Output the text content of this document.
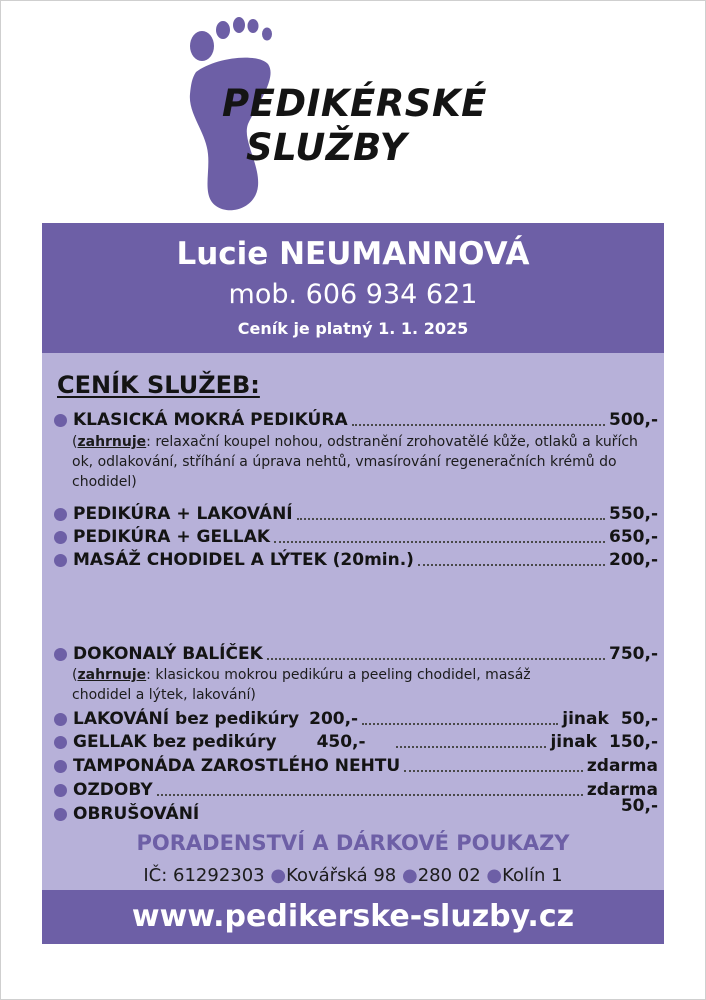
PEDIKÉRSKÉ
SLUŽBY
Lucie NEUMANNOVÁ
mob. 606 934 621
Ceník je platný 1. 1. 2025
CENÍK SLUŽEB:
KLASICKÁ MOKRÁ PEDIKÚRA	500,-
(zahrnuje: relaxační koupel nohou, odstranění zrohovatělé kůže, otlaků a kuřích ok, odlakování, stříhání a úprava nehtů, vmasírování regeneračních krémů do chodidel)
PEDIKÚRA + LAKOVÁNÍ	550,-
PEDIKÚRA + GELLAK	650,-
MASÁŽ CHODIDEL A LÝTEK (20min.)	200,-
DOKONALÝ BALÍČEK	750,-
(zahrnuje: klasickou mokrou pedikúru a peeling chodidel, masáž chodidel a lýtek, lakování)
LAKOVÁNÍ bez pedikúry 200,-	jinak 50,-
GELLAK bez pedikúry 450,-	jinak 150,-
TAMPONÁDA ZAROSTLÉHO NEHTU	zdarma
OZDOBY	zdarma
OBRUŠOVÁNÍ	50,-
PORADENSTVÍ A DÁRKOVÉ POUKAZY
IČ: 61292303 ●Kovářská 98 ●280 02 ●Kolín 1
www.pedikerske-sluzby.cz
